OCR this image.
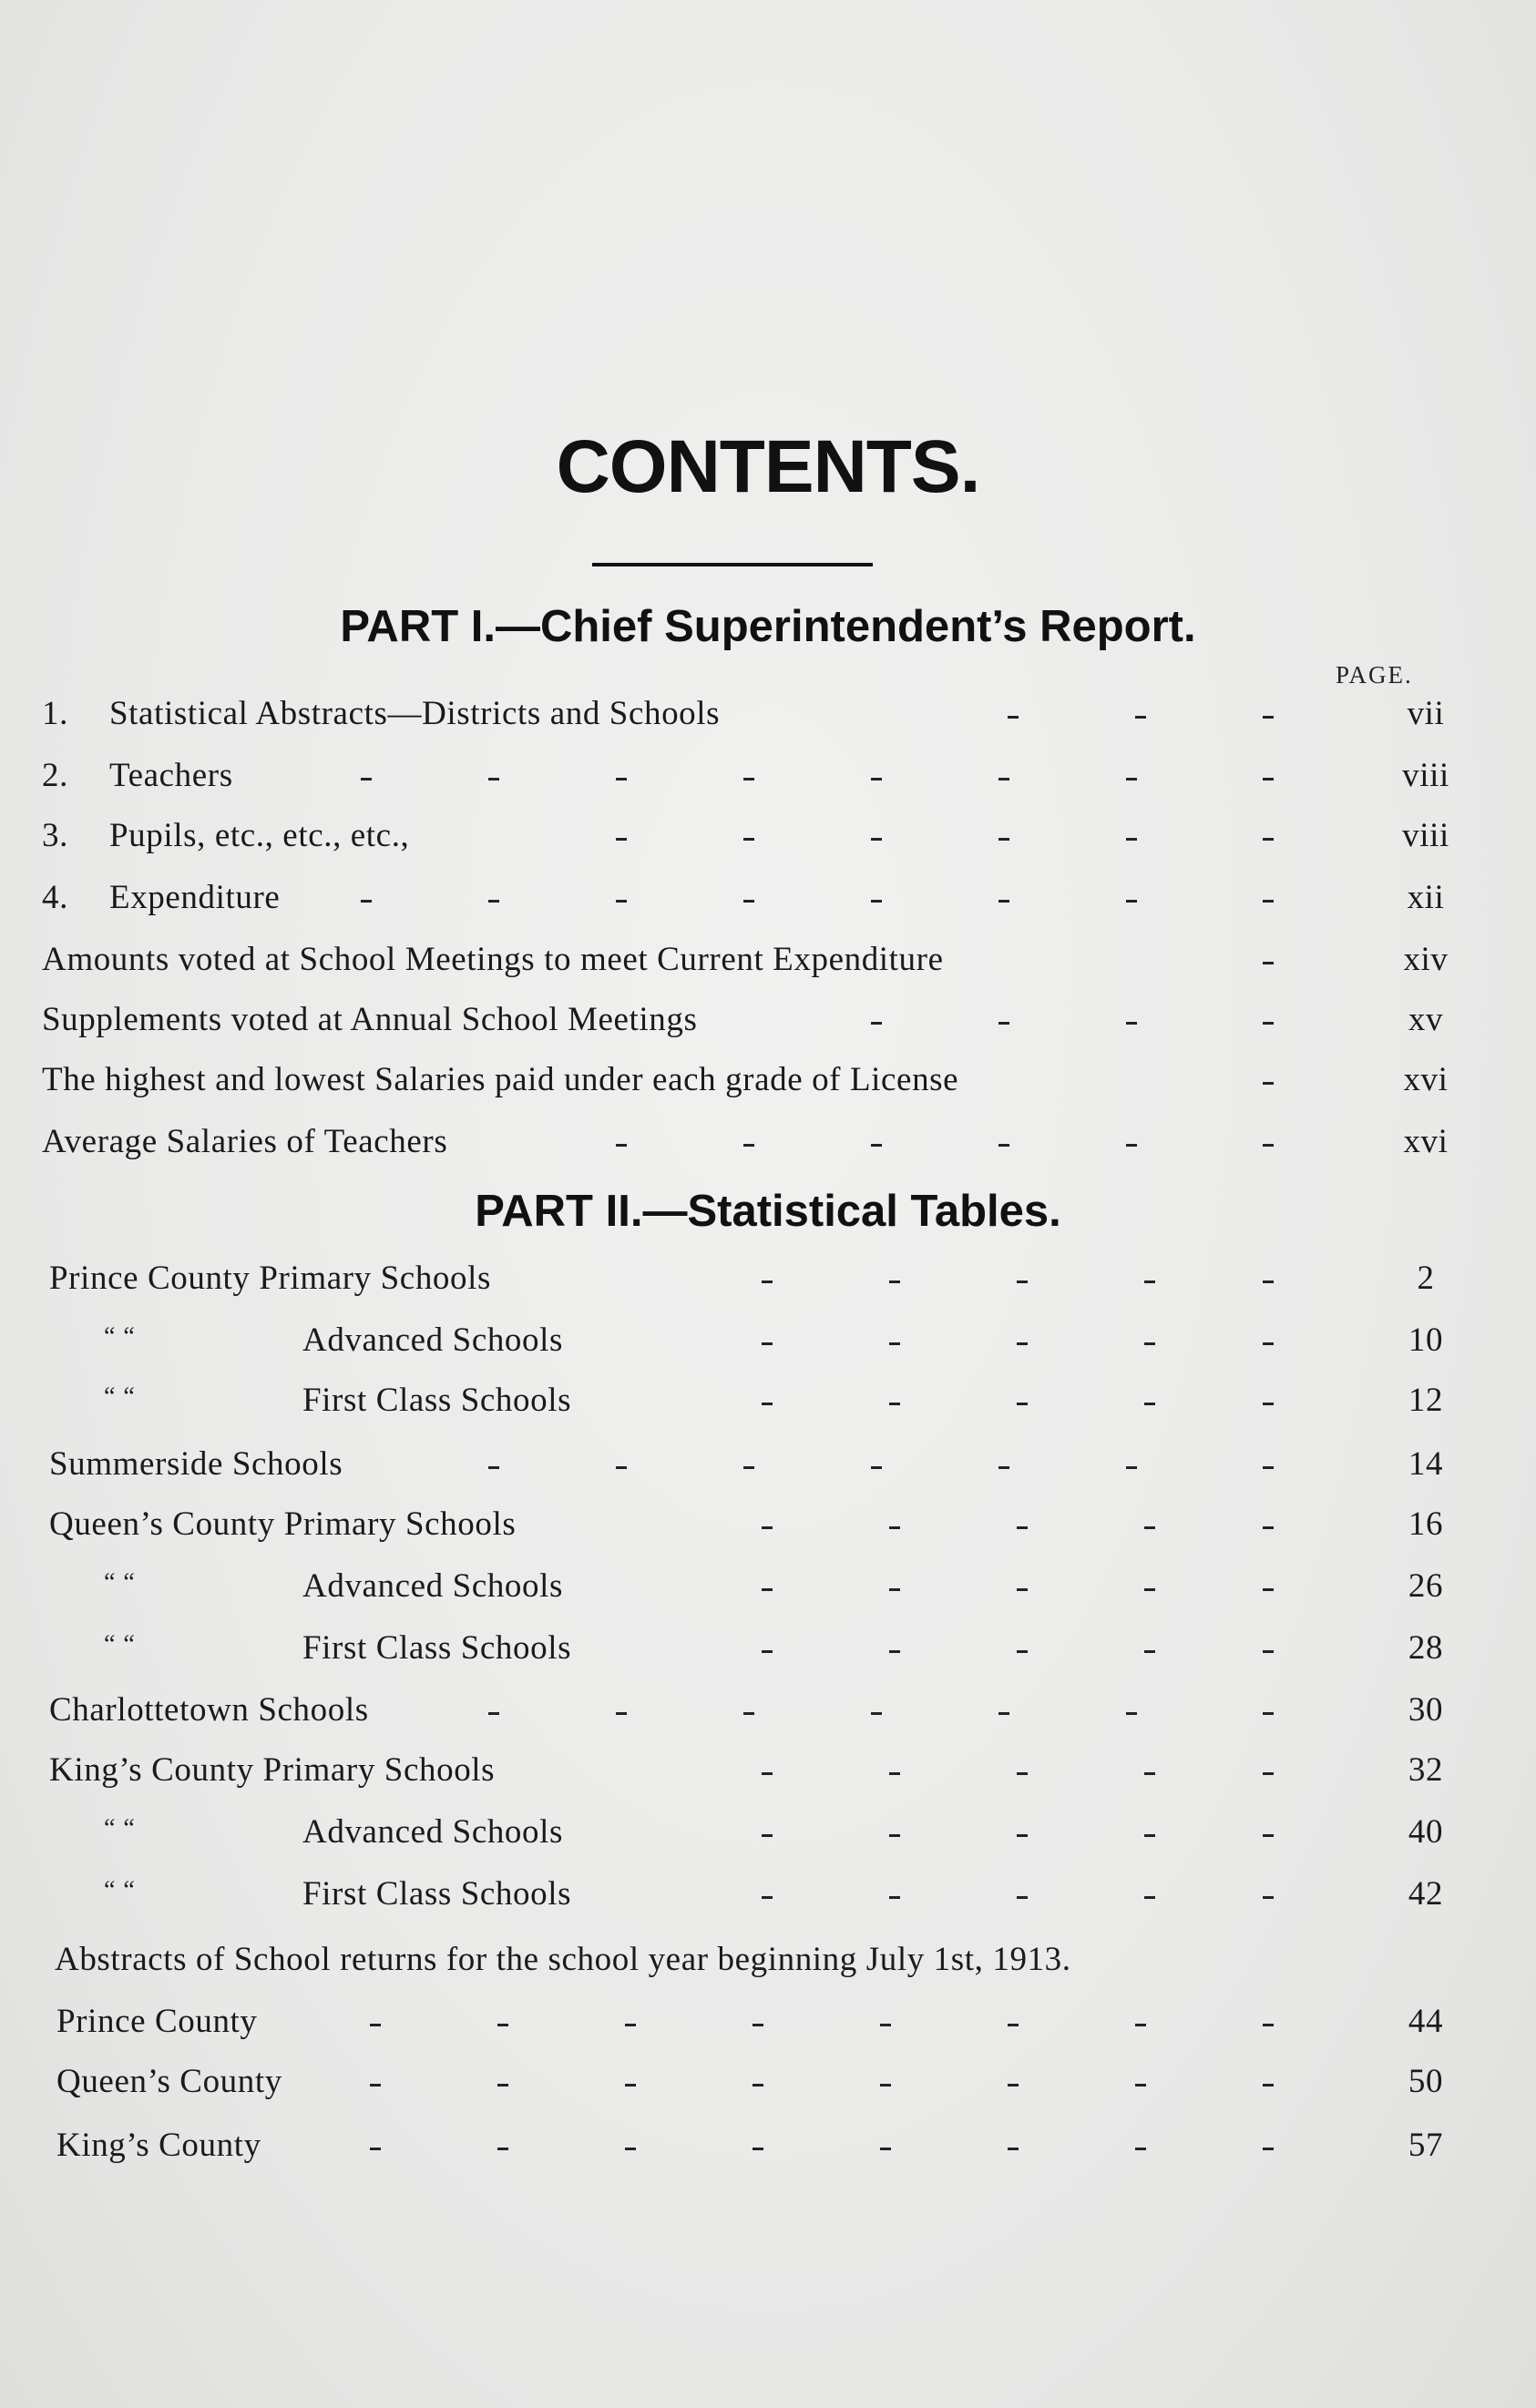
CONTENTS.
PART I.—Chief Superintendent’s Report.
PAGE.
1. Statistical Abstracts—Districts and Schools	vii
2. Teachers	viii
3. Pupils, etc., etc., etc.,	viii
4. Expenditure	xii
Amounts voted at School Meetings to meet Current Expenditure	xiv
Supplements voted at Annual School Meetings	xv
The highest and lowest Salaries paid under each grade of License	xvi
Average Salaries of Teachers	xvi
PART II.—Statistical Tables.
Prince County Primary Schools	2
“ “	Advanced Schools	10
“ “	First Class Schools	12
Summerside Schools	14
Queen’s County Primary Schools	16
“ “	Advanced Schools	26
“ “	First Class Schools	28
Charlottetown Schools	30
King’s County Primary Schools	32
“ “	Advanced Schools	40
“ “	First Class Schools	42
Abstracts of School returns for the school year beginning July 1st, 1913.
Prince County	44
Queen’s County	50
King’s County	57
